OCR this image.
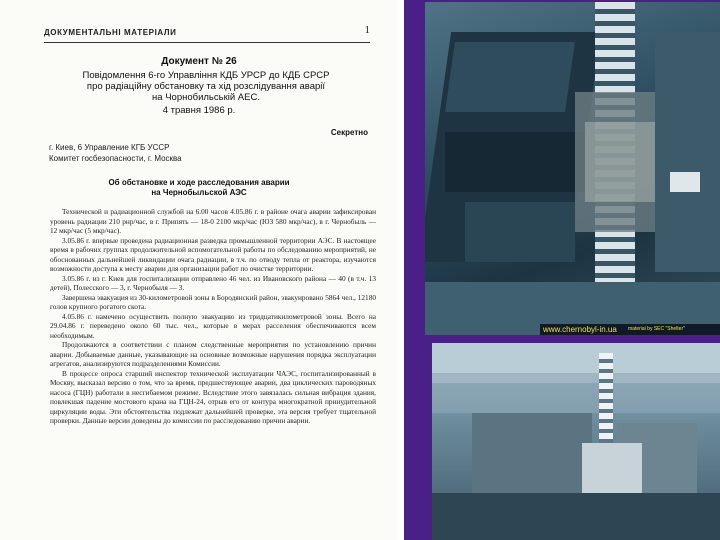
ДОКУМЕНТАЛЬНІ МАТЕРІАЛИ	1
Документ № 26
Повідомлення 6-го Управління КДБ УРСР до КДБ СРСР
про радіаційну обстановку та хід розслідування аварії
на Чорнобильській АЕС.
4 травня 1986 р.
Секретно
г. Киев, 6 Управление КГБ УССР
Комитет госбезопасности, г. Москва
Об обстановке и ходе расследования аварии
на Чернобыльской АЭС

Технической и радиационной службой на 6.00 часов 4.05.86 г. в районе очага аварии зафиксирован уровень радиации 210 рнр/час, в г. Припять — 18-0 2100 мкр/час (ЮЗ 580 мкр/час), в г. Чернобыль — 12 мкр/час (5 мкр/час).

3.05.86 г. впервые проведена радиационная разведка промышленной территории АЭС. В настоящее время в рабочих группах продолжительной вспомогательной работы по обследованию мероприятий, не обоснованных дальнейшей ликвидации очага радиации, в т.ч. по отводу тепла от реактора, изучаются возможности доступа к месту аварии для организации работ по очистке территории.

3.05.86 г. из г. Киев для госпитализации отправлено 46 чел. из Ивановского района — 40 (в т.ч. 13 детей), Полесского — 3, г. Чернобыля — 3.

Завершена эвакуация из 30-километровой зоны в Бородянский район, эвакуировано 5864 чел., 12180 голов крупного рогатого скота.

4.05.86 г. намечено осуществить полную эвакуацию из тридцатикилометровой зоны. Всего на 29.04.86 г. переведено около 60 тыс. чел., которые в мерах расселения обеспечиваются всем необходимым.

Продолжаются в соответствии с планом следственные мероприятия по установлению причин аварии. Добываемые данные, указывающие на основные возможные нарушения порядка эксплуатации агрегатов, анализируются подразделениями Комиссии.

В процессе опроса старший инспектор технической эксплуатации ЧАЭС, госпитализированный в Москву, высказал версию о том, что за время, предшествующее аварии, два циклических пароводяных насоса (ГЦН) работали в несгибаемом режиме. Вследствие этого завязалась сильная вибрация здания, повлекшая падение мостового крана на ГЦН-24, отрыв его от контура многократной принудительной циркуляции воды. Эти обстоятельства подлежат дальнейшей проверке, эта версия требует тщательной проверки. Данные версии доведены до комиссии по расследованию причин аварии.

www.chernobyl-in.ua material by SEC "Shelter"
